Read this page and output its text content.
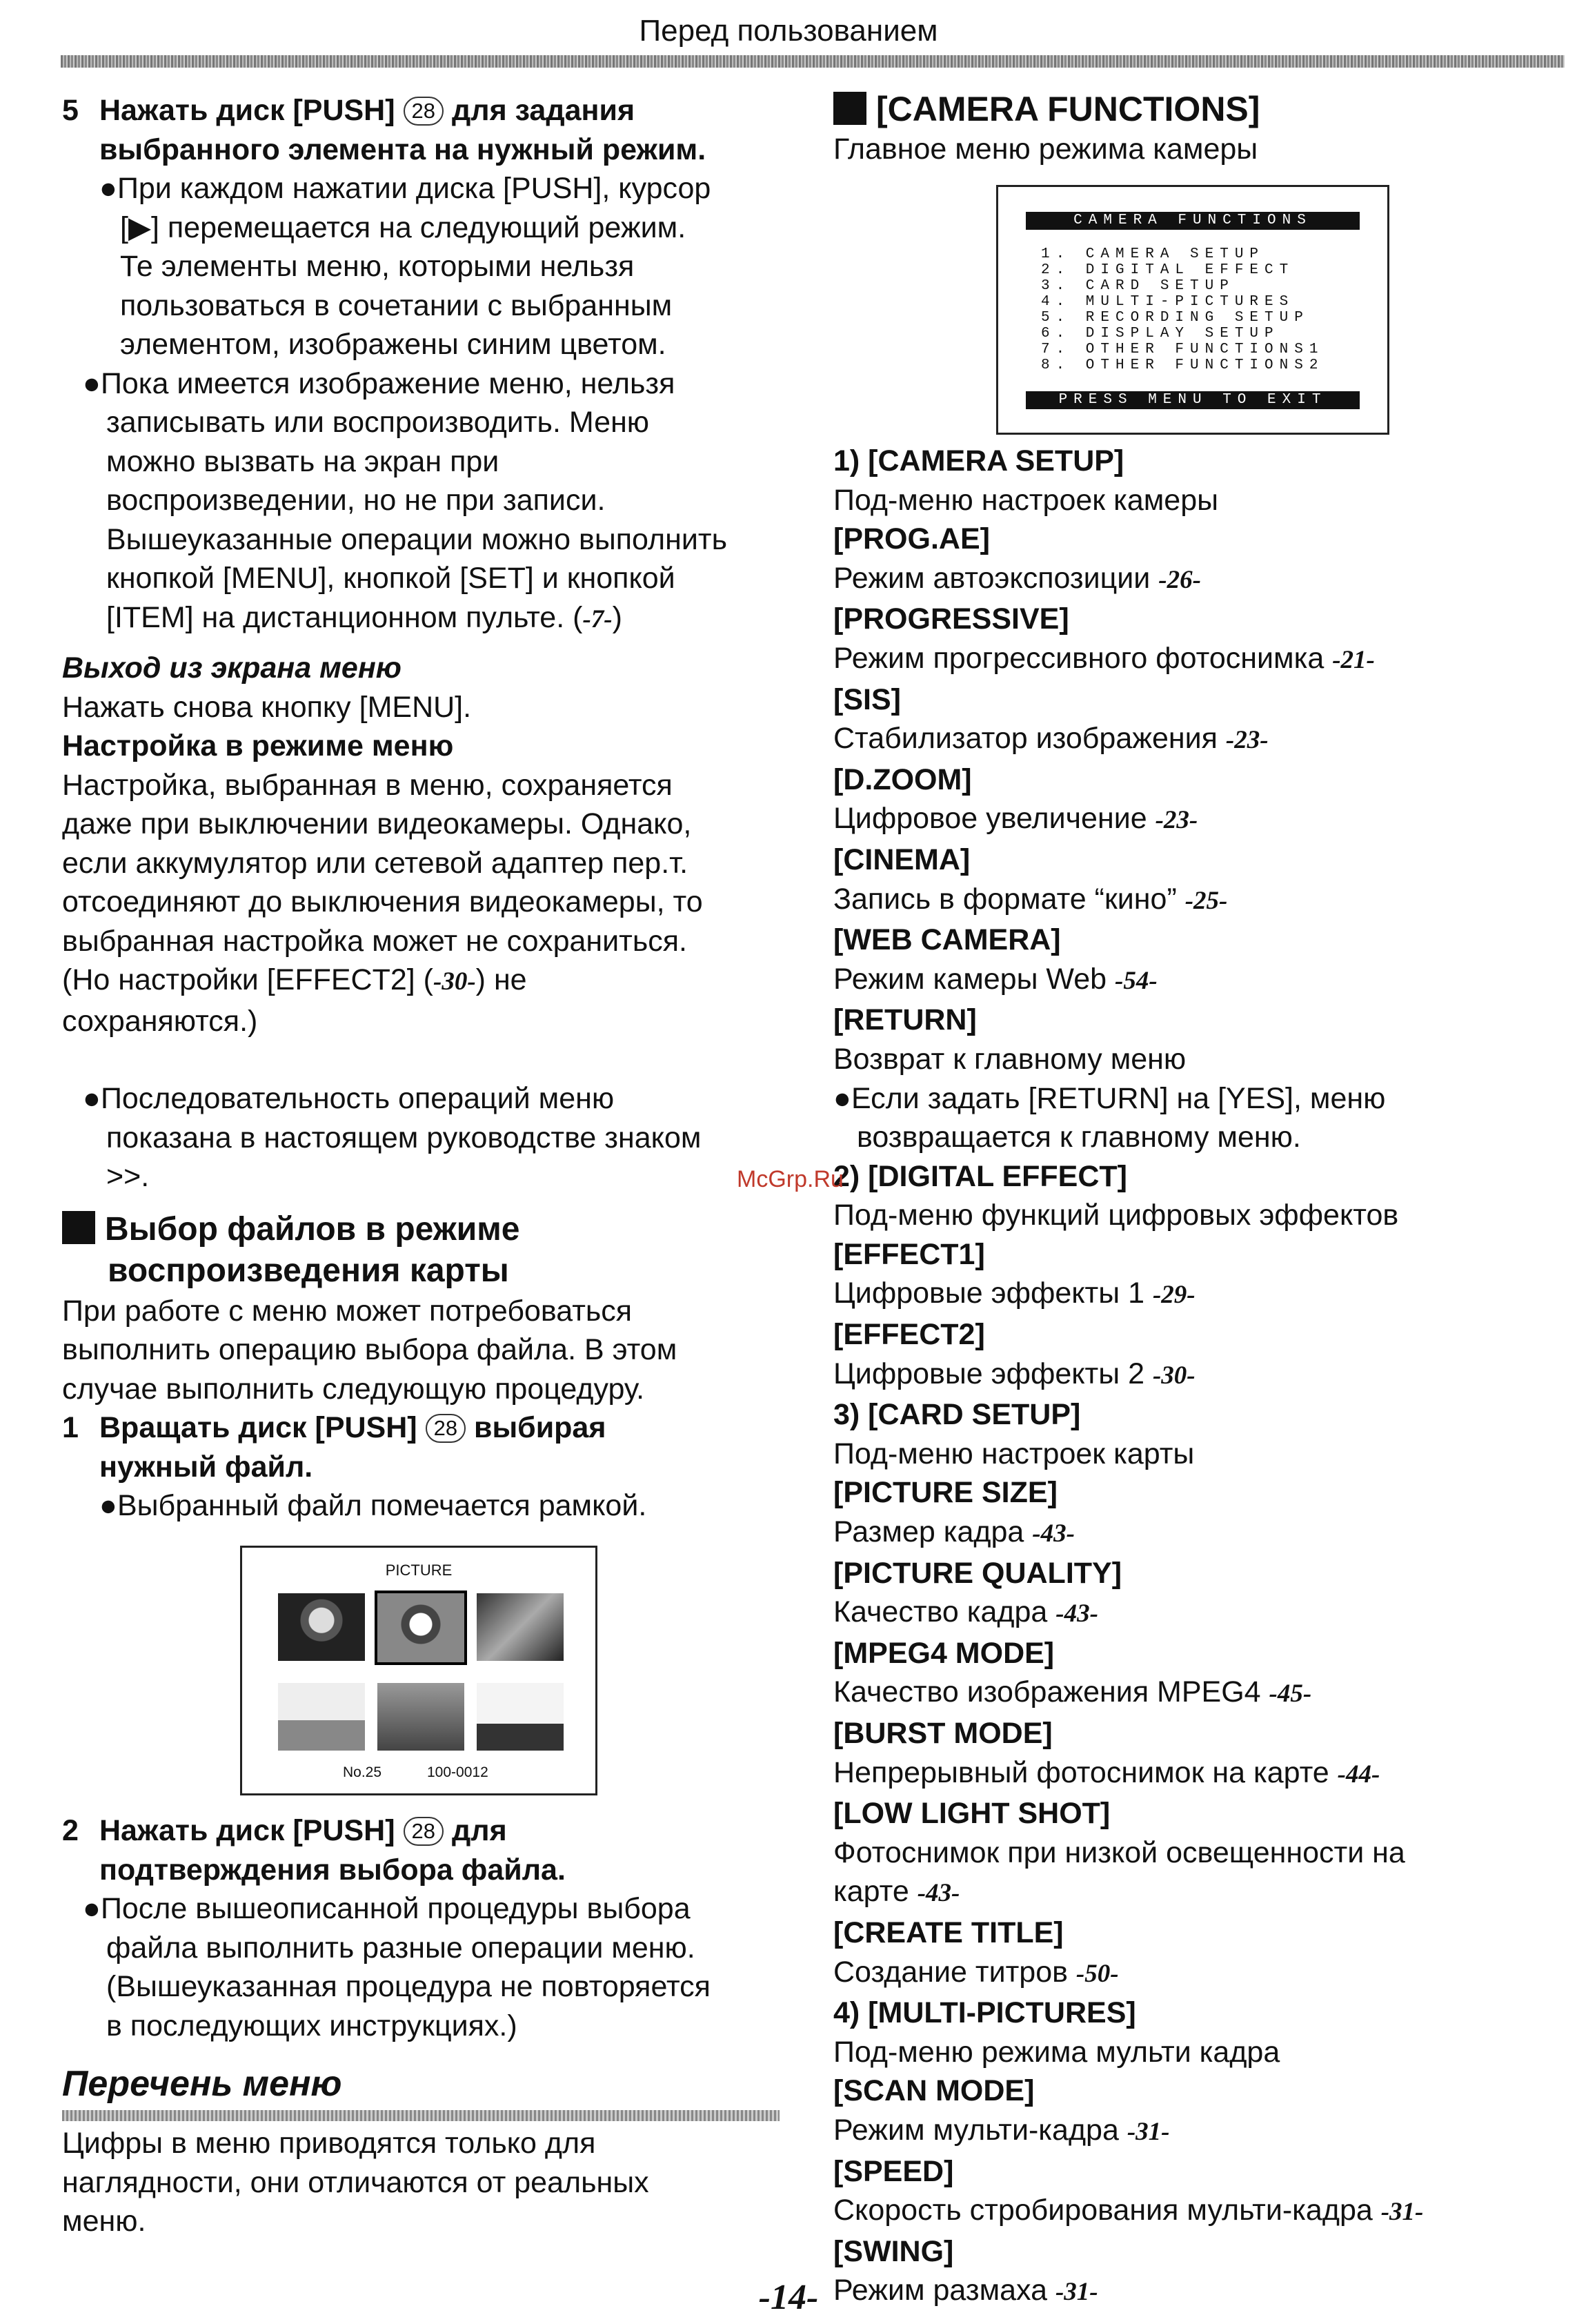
Перед пользованием
5 Нажать диск [PUSH] 28 для задания
выбранного элемента на нужный режим.
●При каждом нажатии диска [PUSH], курсор
[▶] перемещается на следующий режим.
Те элементы меню, которыми нельзя
пользоваться в сочетании с выбранным
элементом, изображены синим цветом.
●Пока имеется изображение меню, нельзя
записывать или воспроизводить. Меню
можно вызвать на экран при
воспроизведении, но не при записи.
Вышеуказанные операции можно выполнить
кнопкой [MENU], кнопкой [SET] и кнопкой
[ITEM] на дистанционном пульте. (-7-)
Выход из экрана меню
Нажать снова кнопку [MENU].
Настройка в режиме меню
Настройка, выбранная в меню, сохраняется
даже при выключении видеокамеры. Однако,
если аккумулятор или сетевой адаптер пер.т.
отсоединяют до выключения видеокамеры, то
выбранная настройка может не сохраниться.
(Но настройки [EFFECT2] (-30-) не
сохраняются.)
●Последовательность операций меню
показана в настоящем руководстве знаком
>>.
Выбор файлов в режиме
воспроизведения карты
При работе с меню может потребоваться
выполнить операцию выбора файла. В этом
случае выполнить следующую процедуру.
1 Вращать диск [PUSH] 28 выбирая
нужный файл.
●Выбранный файл помечается рамкой.
PICTURE
No.25	100-0012
2 Нажать диск [PUSH] 28 для
подтверждения выбора файла.
●После вышеописанной процедуры выбора
файла выполнить разные операции меню.
(Вышеуказанная процедура не повторяется
в последующих инструкциях.)
Перечень меню
Цифры в меню приводятся только для
наглядности, они отличаются от реальных
меню.
[CAMERA FUNCTIONS]
Главное меню режима камеры
CAMERA FUNCTIONS
1. CAMERA SETUP
2. DIGITAL EFFECT
3. CARD SETUP
4. MULTI-PICTURES
5. RECORDING SETUP
6. DISPLAY SETUP
7. OTHER FUNCTIONS1
8. OTHER FUNCTIONS2
PRESS MENU TO EXIT
1) [CAMERA SETUP]
Под-меню настроек камеры
[PROG.AE]
Режим автоэкспозиции -26-
[PROGRESSIVE]
Режим прогрессивного фотоснимка -21-
[SIS]
Стабилизатор изображения -23-
[D.ZOOM]
Цифровое увеличение -23-
[CINEMA]
Запись в формате “кино” -25-
[WEB CAMERA]
Режим камеры Web -54-
[RETURN]
Возврат к главному меню
●Если задать [RETURN] на [YES], меню
возвращается к главному меню.
2) [DIGITAL EFFECT]
Под-меню функций цифровых эффектов
[EFFECT1]
Цифровые эффекты 1 -29-
[EFFECT2]
Цифровые эффекты 2 -30-
3) [CARD SETUP]
Под-меню настроек карты
[PICTURE SIZE]
Размер кадра -43-
[PICTURE QUALITY]
Качество кадра -43-
[MPEG4 MODE]
Качество изображения MPEG4 -45-
[BURST MODE]
Непрерывный фотоснимок на карте -44-
[LOW LIGHT SHOT]
Фотоснимок при низкой освещенности на
карте -43-
[CREATE TITLE]
Создание титров -50-
4) [MULTI-PICTURES]
Под-меню режима мульти кадра
[SCAN MODE]
Режим мульти-кадра -31-
[SPEED]
Скорость стробирования мульти-кадра -31-
[SWING]
Режим размаха -31-
McGrp.Ru
-14-
